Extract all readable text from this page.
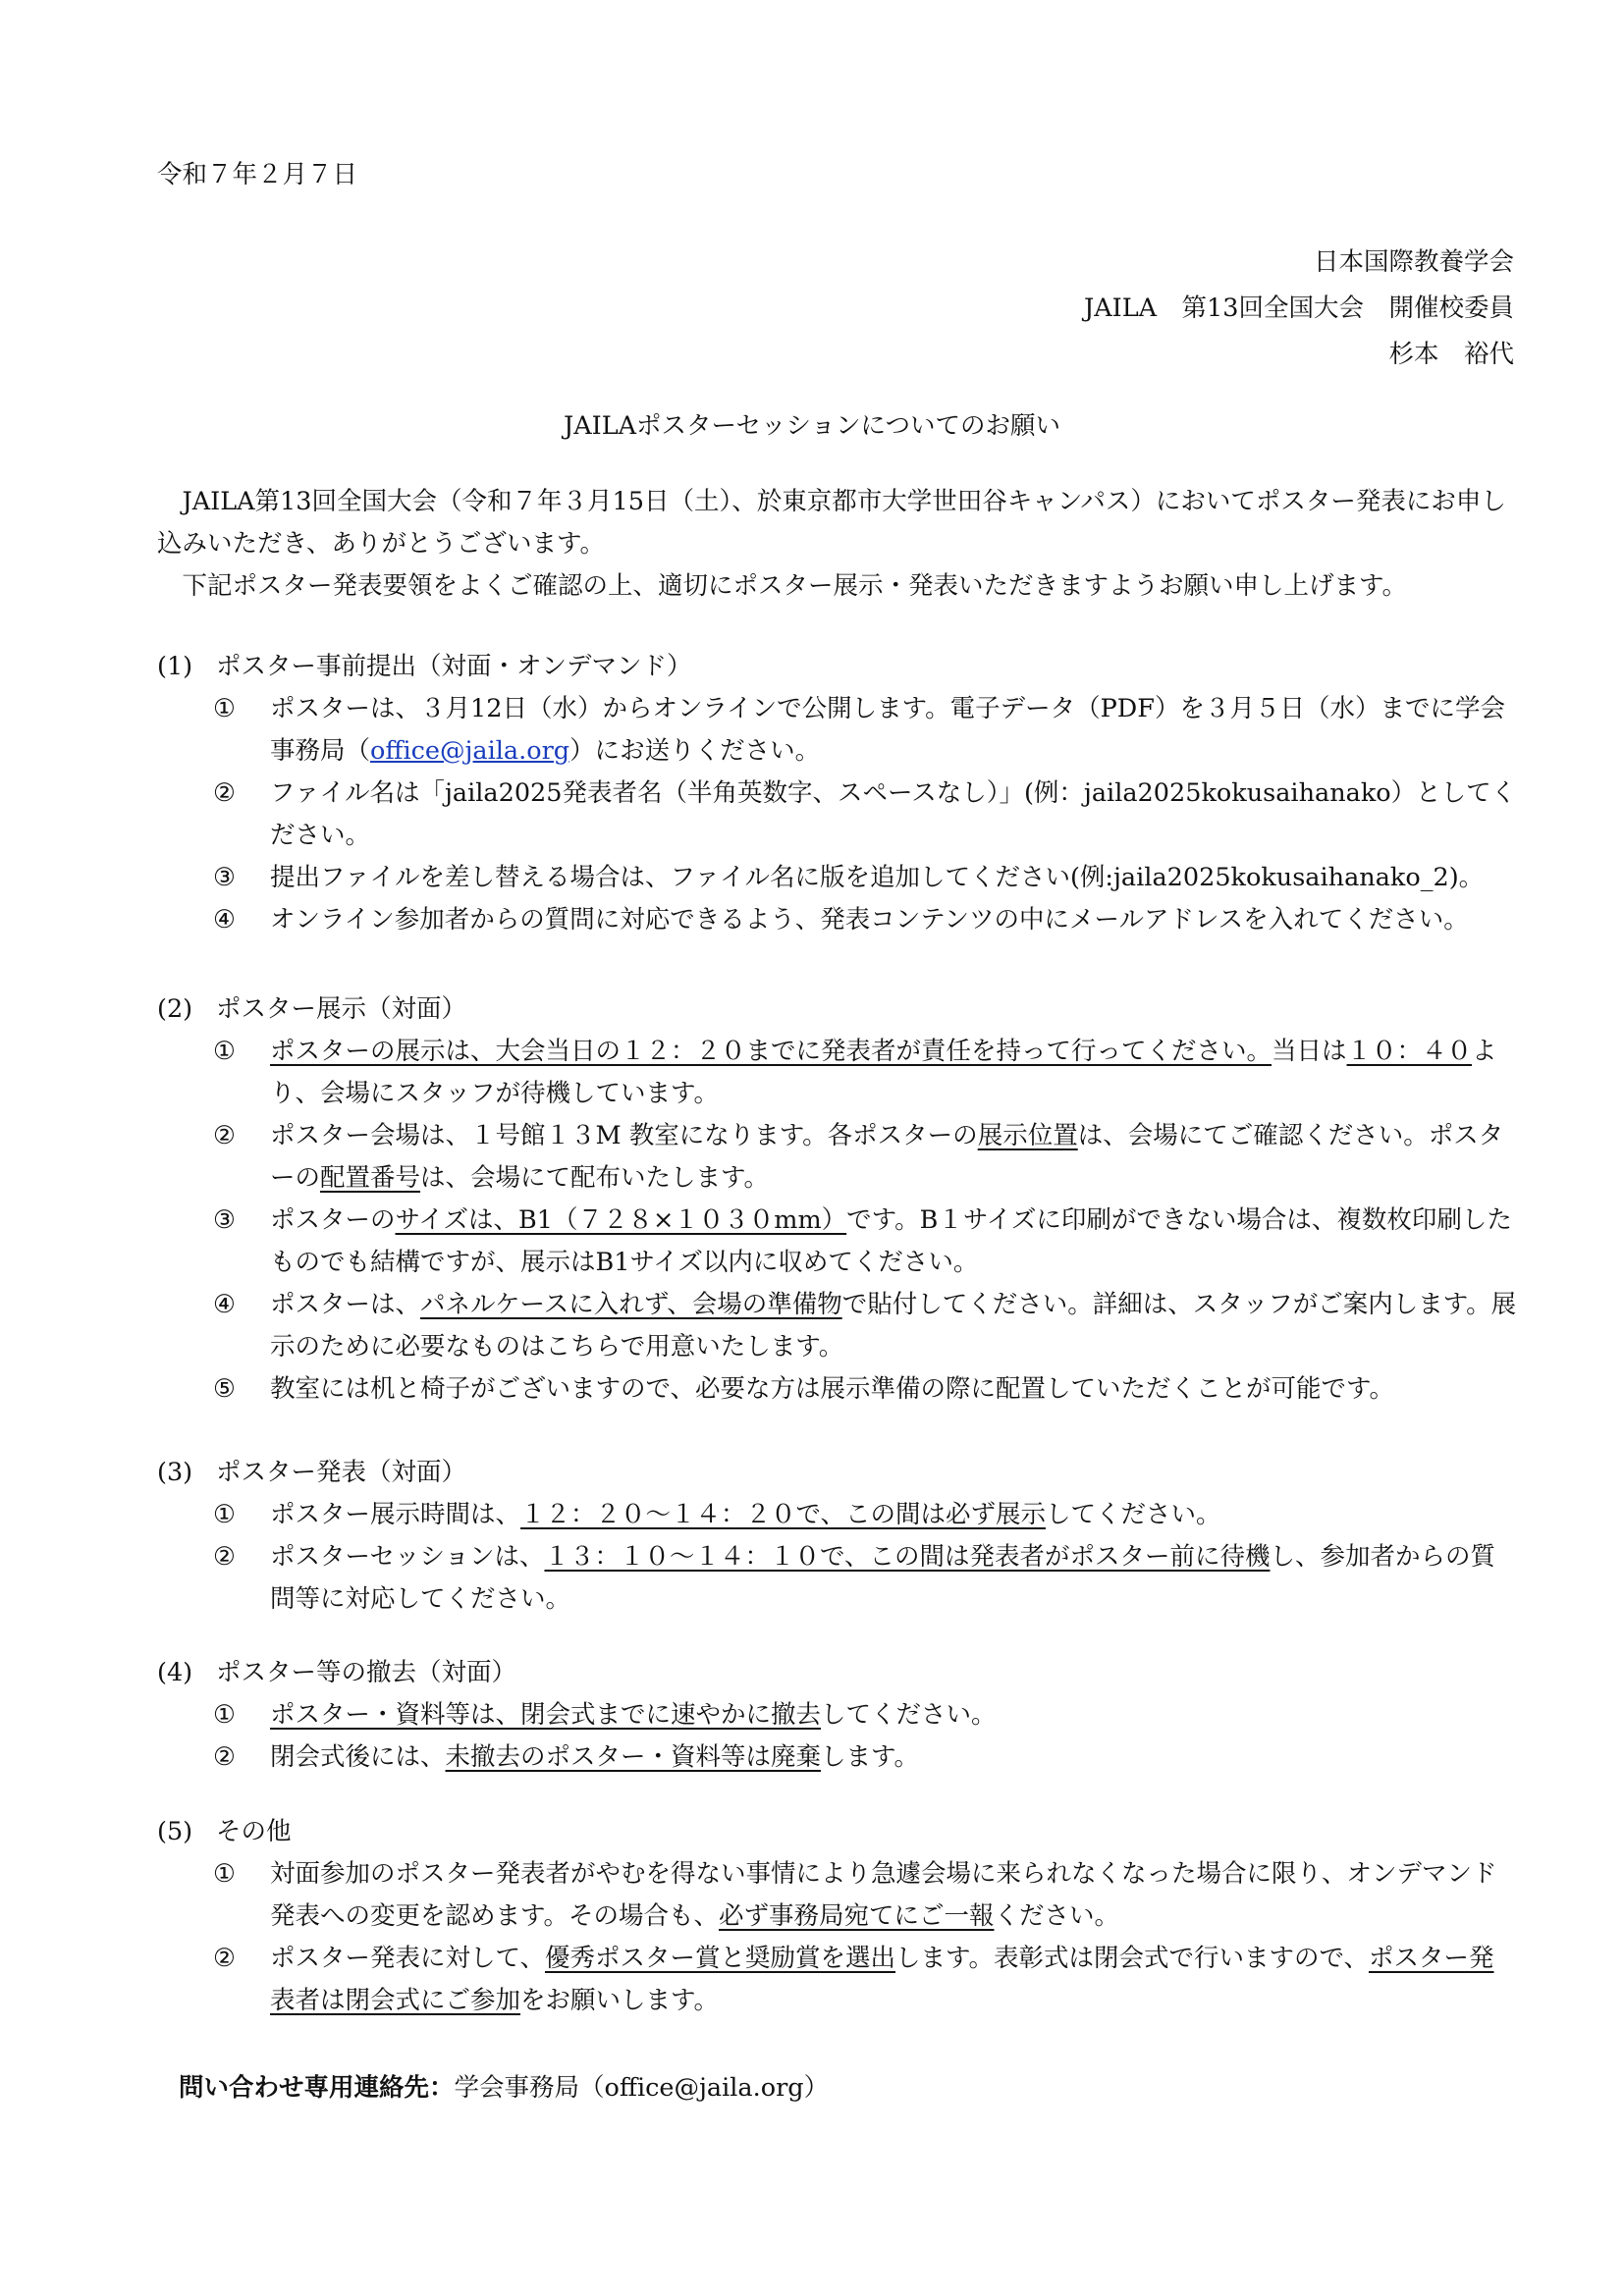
令和７年２月７日
日本国際教養学会
JAILA　第13回全国大会　開催校委員
杉本　裕代
JAILAポスターセッションについてのお願い

JAILA第13回全国大会（令和７年３月15日（土）、於東京都市大学世田谷キャンパス）においてポスター発表にお申し込みいただき、ありがとうございます。

下記ポスター発表要領をよくご確認の上、適切にポスター展示・発表いただきますようお願い申し上げます。

(1) ポスター事前提出（対面・オンデマンド）
① ポスターは、３月12日（水）からオンラインで公開します。電子データ（PDF）を３月５日（水）までに学会事務局（office@jaila.org）にお送りください。
② ファイル名は「jaila2025発表者名（半角英数字、スペースなし）」(例：jaila2025kokusaihanako）としてください。
③ 提出ファイルを差し替える場合は、ファイル名に版を追加してください(例:jaila2025kokusaihanako_2)。
④ オンライン参加者からの質問に対応できるよう、発表コンテンツの中にメールアドレスを入れてください。
(2) ポスター展示（対面）
① ポスターの展示は、大会当日の１２：２０までに発表者が責任を持って行ってください。当日は１０：４０より、会場にスタッフが待機しています。
② ポスター会場は、１号館１３M 教室になります。各ポスターの展示位置は、会場にてご確認ください。ポスターの配置番号は、会場にて配布いたします。
③ ポスターのサイズは、B1（７２８×１０３０mm）です。B１サイズに印刷ができない場合は、複数枚印刷したものでも結構ですが、展示はB1サイズ以内に収めてください。
④ ポスターは、パネルケースに入れず、会場の準備物で貼付してください。詳細は、スタッフがご案内します。展示のために必要なものはこちらで用意いたします。
⑤ 教室には机と椅子がございますので、必要な方は展示準備の際に配置していただくことが可能です。
(3) ポスター発表（対面）
① ポスター展示時間は、１２：２０～１４：２０で、この間は必ず展示してください。
② ポスターセッションは、１３：１０～１４：１０で、この間は発表者がポスター前に待機し、参加者からの質問等に対応してください。
(4) ポスター等の撤去（対面）
① ポスター・資料等は、閉会式までに速やかに撤去してください。
② 閉会式後には、未撤去のポスター・資料等は廃棄します。
(5) その他
① 対面参加のポスター発表者がやむを得ない事情により急遽会場に来られなくなった場合に限り、オンデマンド発表への変更を認めます。その場合も、必ず事務局宛てにご一報ください。
② ポスター発表に対して、優秀ポスター賞と奨励賞を選出します。表彰式は閉会式で行いますので、ポスター発表者は閉会式にご参加をお願いします。
問い合わせ専用連絡先：学会事務局（office@jaila.org）
